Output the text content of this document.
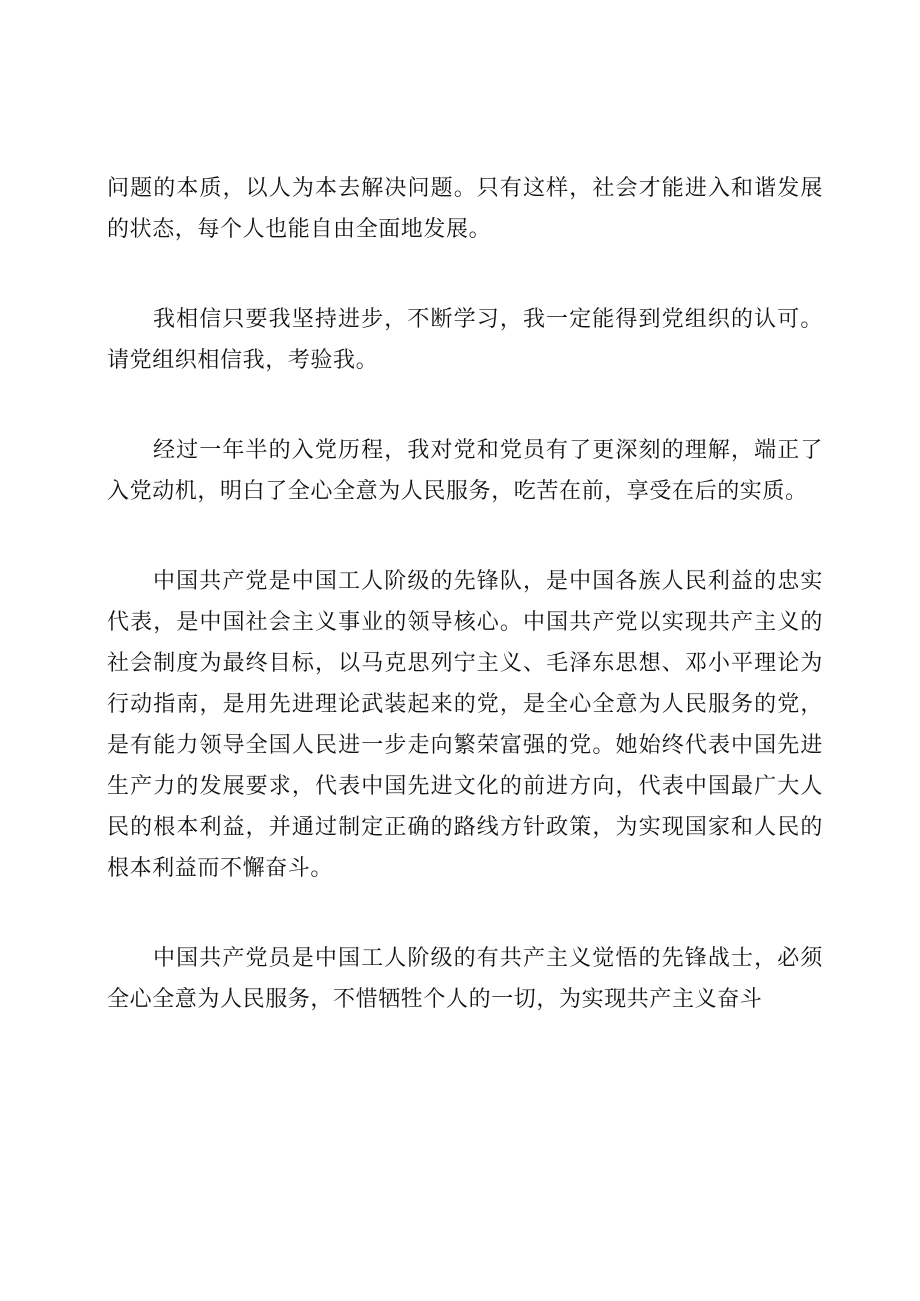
问题的本质，以人为本去解决问题。只有这样，社会才能进入和谐发展的状态，每个人也能自由全面地发展。

我相信只要我坚持进步，不断学习，我一定能得到党组织的认可。请党组织相信我，考验我。

经过一年半的入党历程，我对党和党员有了更深刻的理解，端正了入党动机，明白了全心全意为人民服务，吃苦在前，享受在后的实质。

中国共产党是中国工人阶级的先锋队，是中国各族人民利益的忠实代表，是中国社会主义事业的领导核心。中国共产党以实现共产主义的社会制度为最终目标，以马克思列宁主义、毛泽东思想、邓小平理论为行动指南，是用先进理论武装起来的党，是全心全意为人民服务的党，是有能力领导全国人民进一步走向繁荣富强的党。她始终代表中国先进生产力的发展要求，代表中国先进文化的前进方向，代表中国最广大人民的根本利益，并通过制定正确的路线方针政策，为实现国家和人民的根本利益而不懈奋斗。

中国共产党员是中国工人阶级的有共产主义觉悟的先锋战士，必须全心全意为人民服务，不惜牺牲个人的一切，为实现共产主义奋斗
